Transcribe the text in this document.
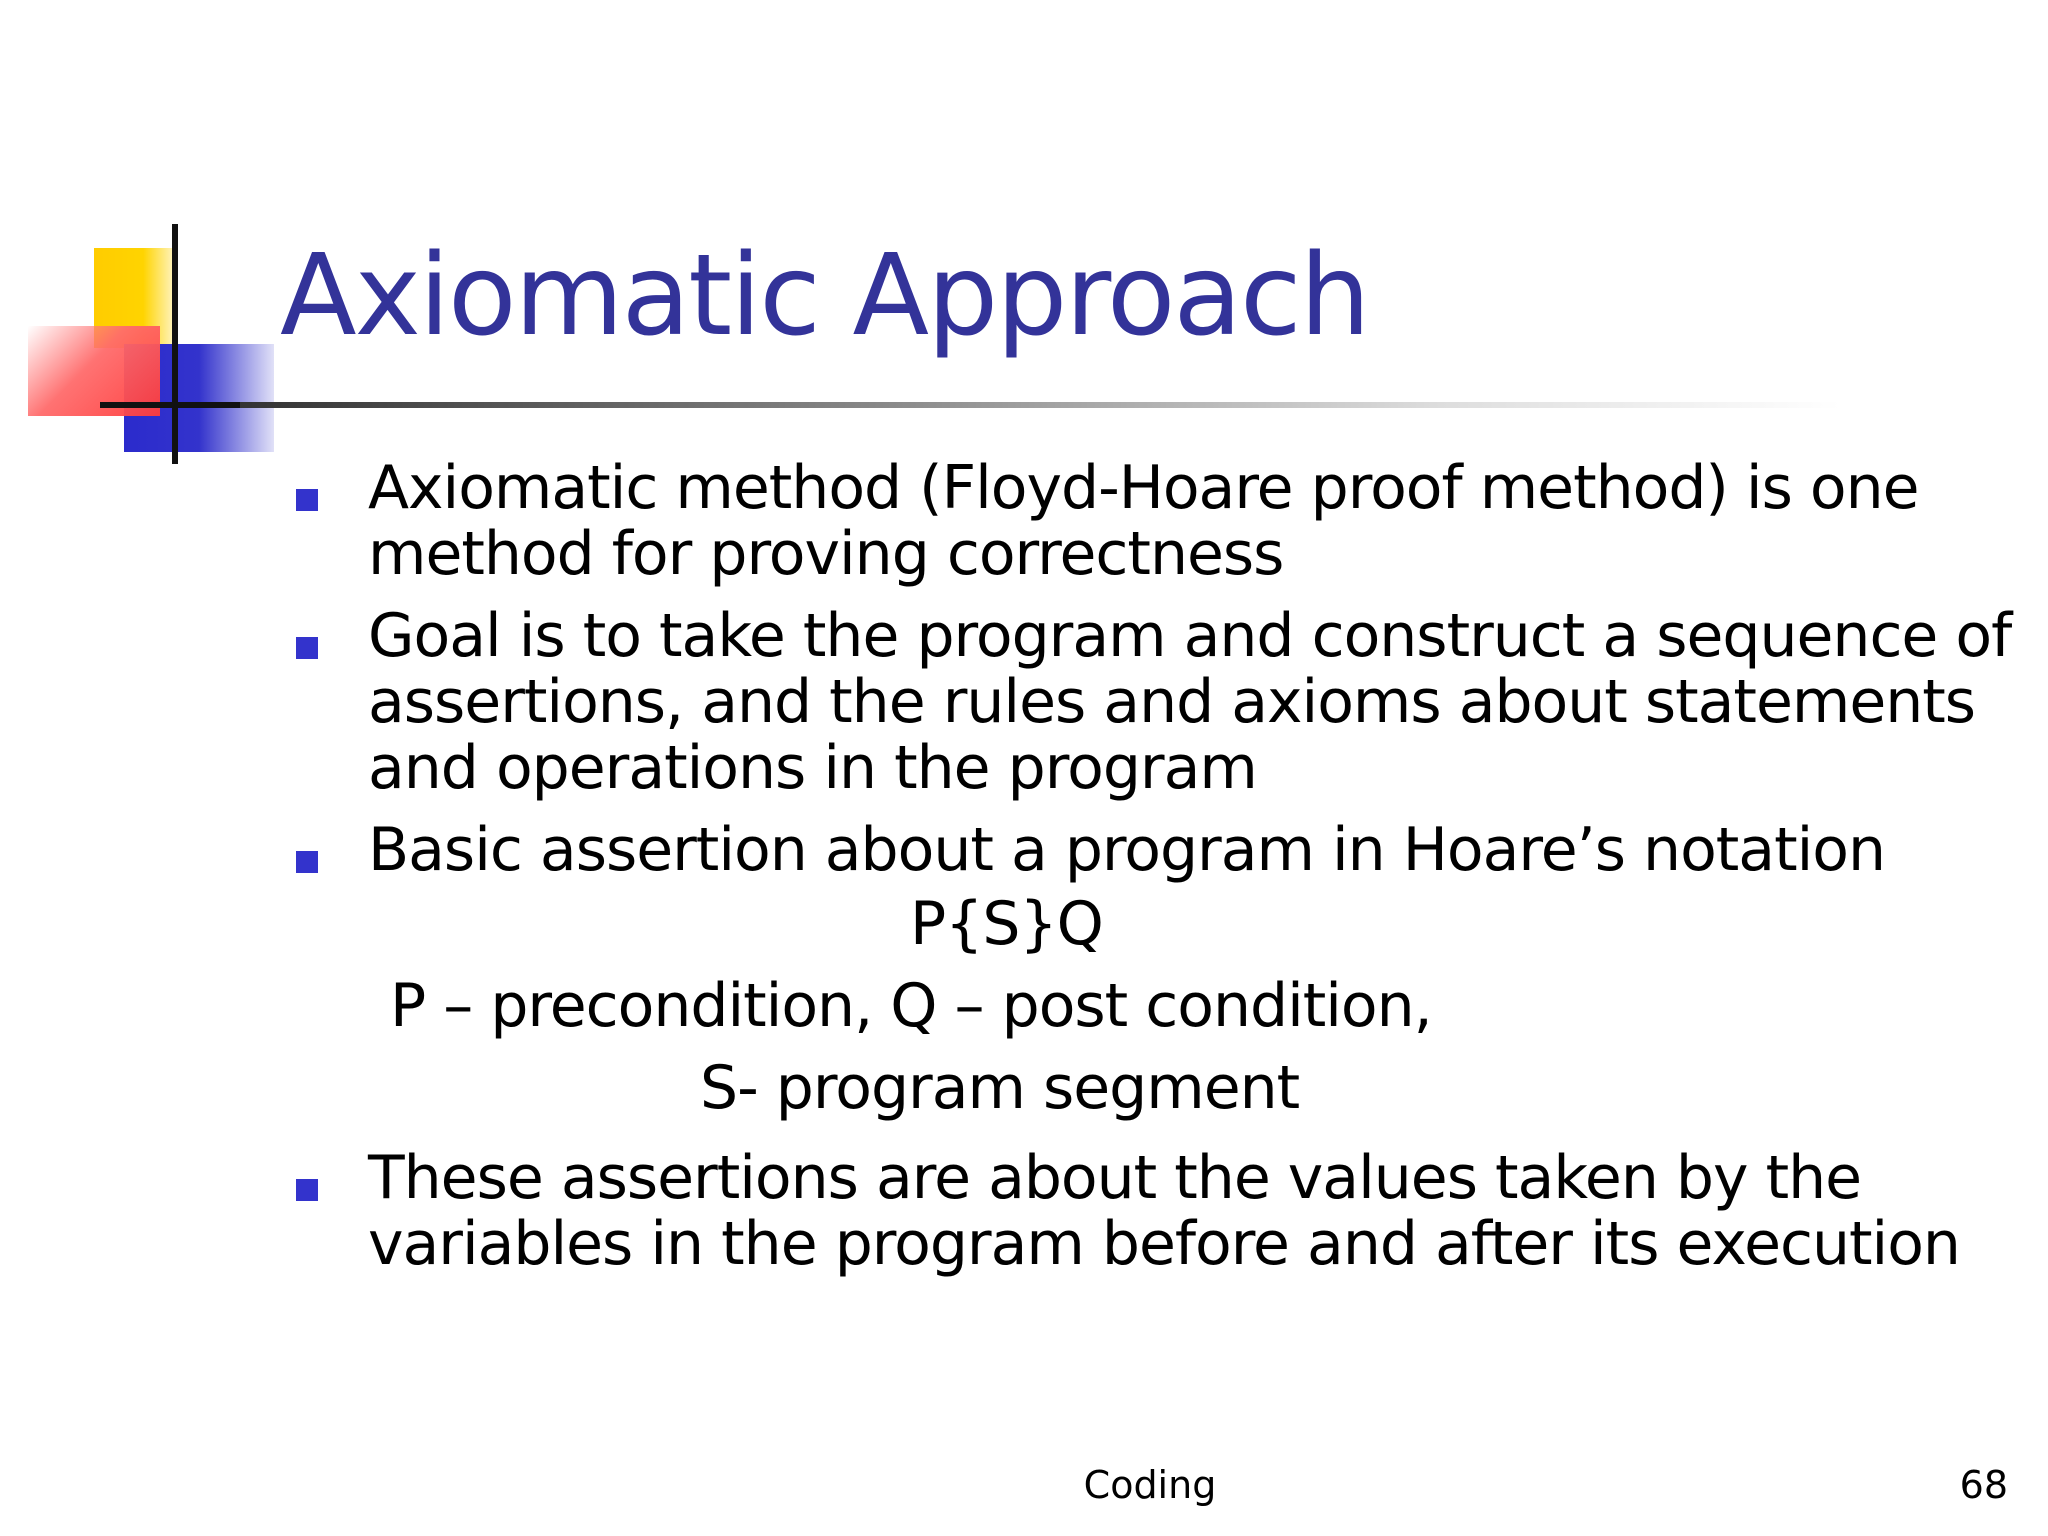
Axiomatic Approach
Axiomatic method (Floyd-Hoare proof method) is one method for proving correctness
Goal is to take the program and construct a sequence of assertions, and the rules and axioms about statements and operations in the program
Basic assertion about a program in Hoare’s notation
P{S}Q
P – precondition, Q – post condition,
S- program segment
These assertions are about the values taken by the variables in the program before and after its execution
Coding	68
